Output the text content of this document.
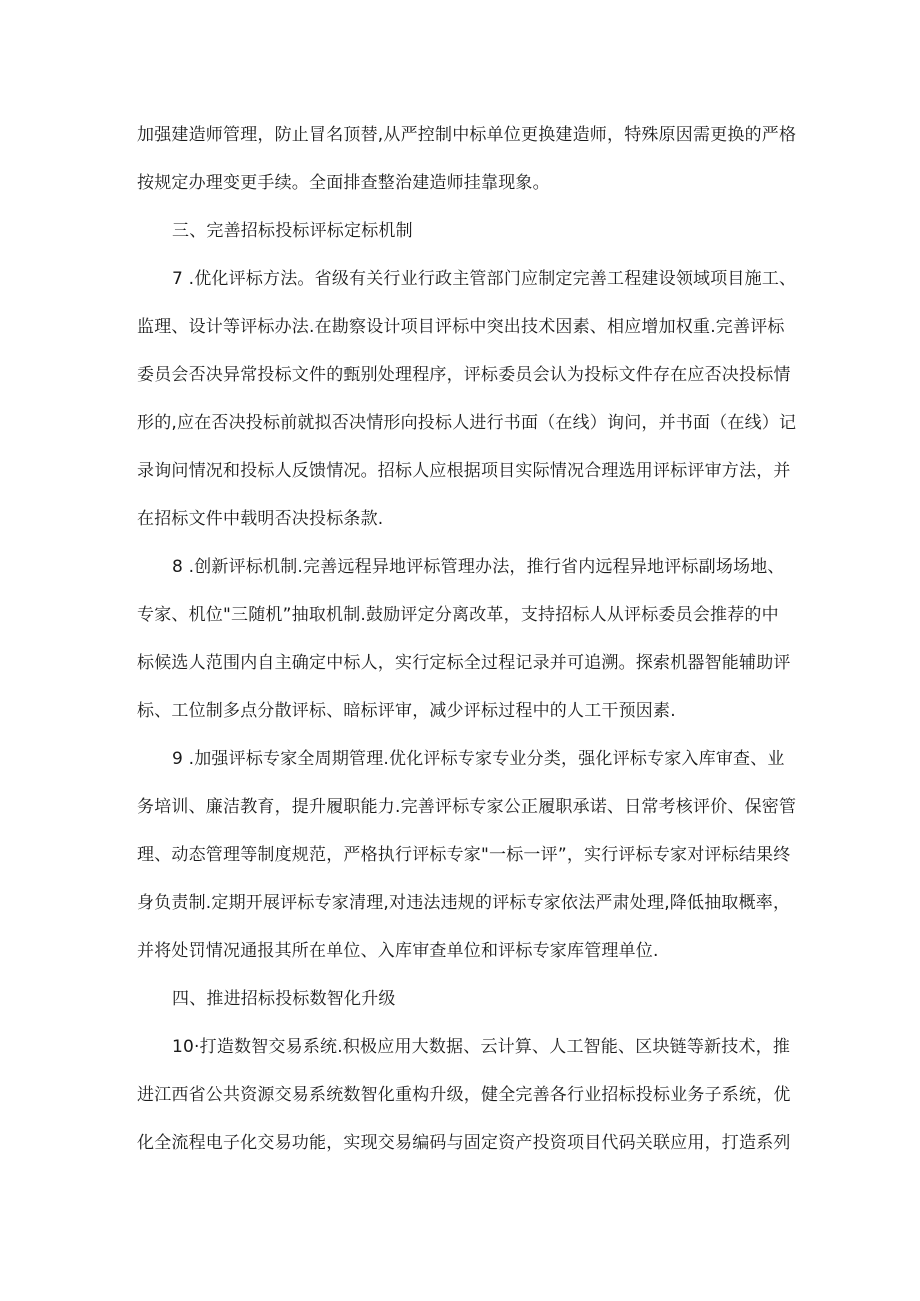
加强建造师管理，防止冒名顶替,从严控制中标单位更换建造师，特殊原因需更换的严格
按规定办理变更手续。全面排查整治建造师挂靠现象。
三、完善招标投标评标定标机制
7 .优化评标方法。省级有关行业行政主管部门应制定完善工程建设领域项目施工、
监理、设计等评标办法.在勘察设计项目评标中突出技术因素、相应增加权重.完善评标
委员会否决异常投标文件的甄别处理程序，评标委员会认为投标文件存在应否决投标情
形的,应在否决投标前就拟否决情形向投标人进行书面（在线）询问，并书面（在线）记
录询问情况和投标人反馈情况。招标人应根据项目实际情况合理选用评标评审方法，并
在招标文件中载明否决投标条款.
8 .创新评标机制.完善远程异地评标管理办法，推行省内远程异地评标副场场地、
专家、机位"三随机”抽取机制.鼓励评定分离改革，支持招标人从评标委员会推荐的中
标候选人范围内自主确定中标人，实行定标全过程记录并可追溯。探索机器智能辅助评
标、工位制多点分散评标、暗标评审，减少评标过程中的人工干预因素.
9 .加强评标专家全周期管理.优化评标专家专业分类，强化评标专家入库审查、业
务培训、廉洁教育，提升履职能力.完善评标专家公正履职承诺、日常考核评价、保密管
理、动态管理等制度规范，严格执行评标专家"一标一评”，实行评标专家对评标结果终
身负责制.定期开展评标专家清理,对违法违规的评标专家依法严肃处理,降低抽取概率，
并将处罚情况通报其所在单位、入库审查单位和评标专家库管理单位.
四、推进招标投标数智化升级
10·打造数智交易系统.积极应用大数据、云计算、人工智能、区块链等新技术，推
进江西省公共资源交易系统数智化重构升级，健全完善各行业招标投标业务子系统，优
化全流程电子化交易功能，实现交易编码与固定资产投资项目代码关联应用，打造系列
